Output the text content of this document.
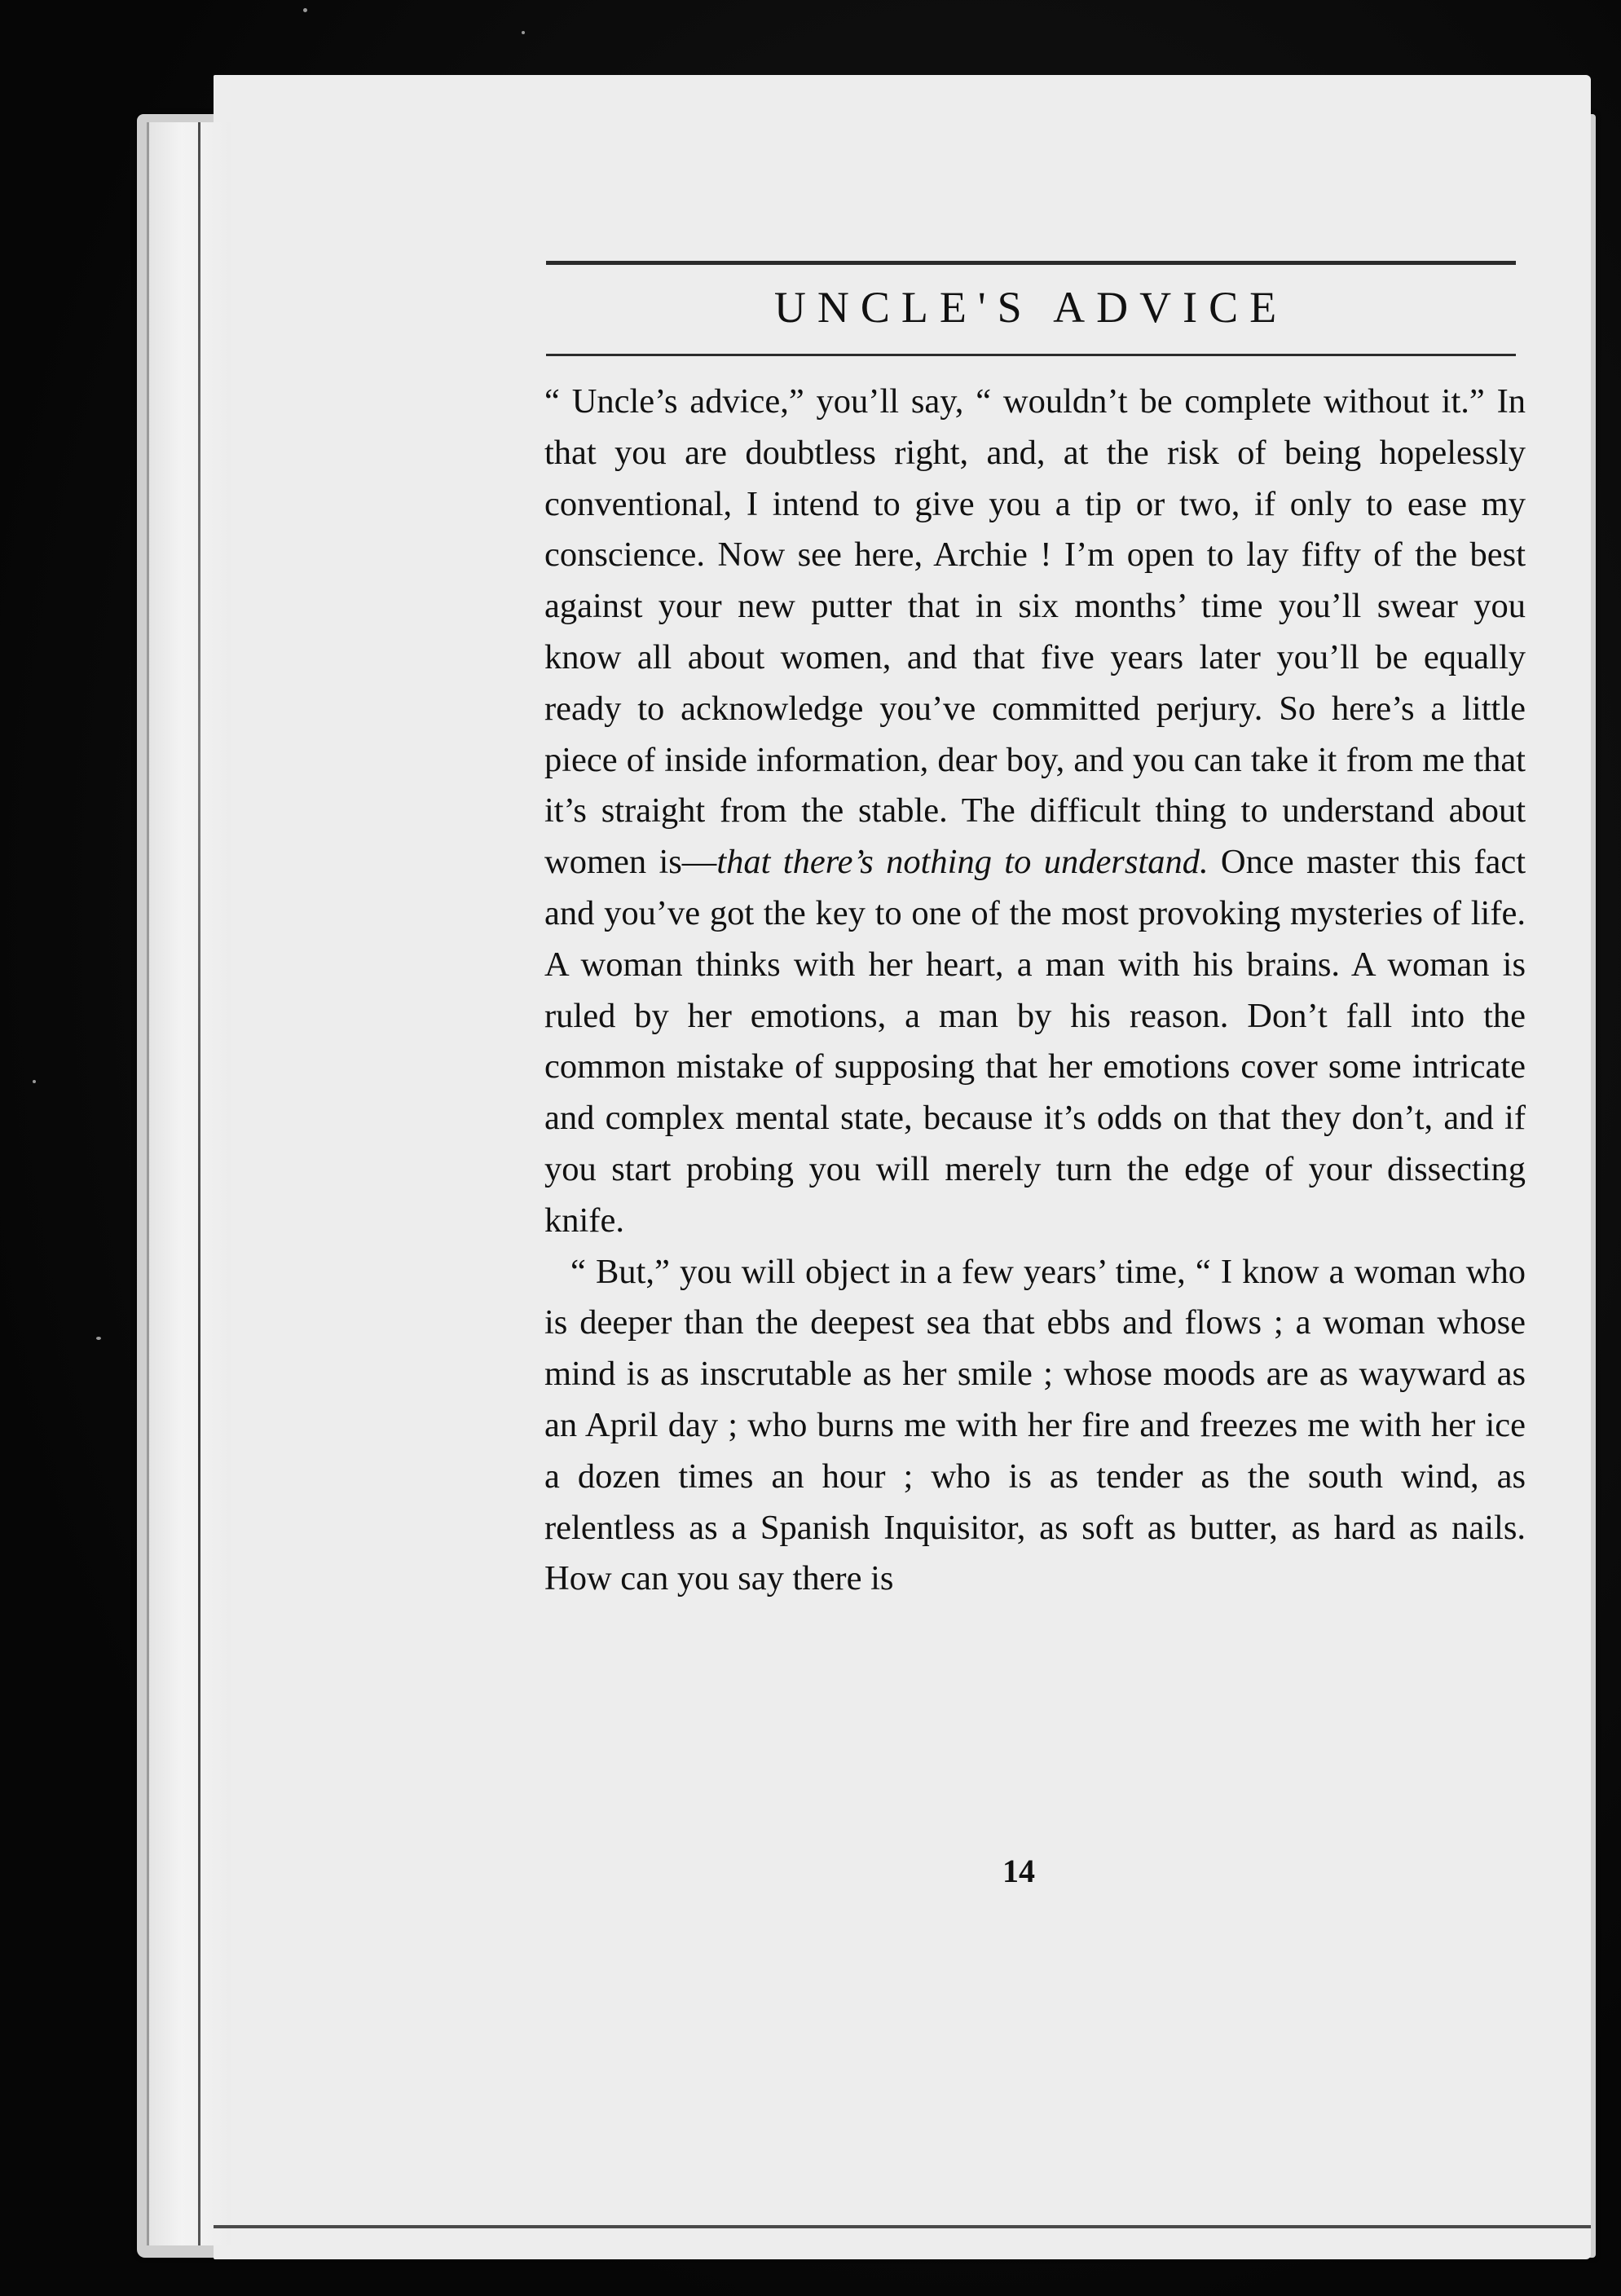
UNCLE'S ADVICE

“ Uncle’s advice,” you’ll say, “ wouldn’t be complete without it.” In that you are doubtless right, and, at the risk of being hopelessly conventional, I intend to give you a tip or two, if only to ease my conscience. Now see here, Archie ! I’m open to lay fifty of the best against your new putter that in six months’ time you’ll swear you know all about women, and that five years later you’ll be equally ready to acknowledge you’ve committed perjury. So here’s a little piece of inside information, dear boy, and you can take it from me that it’s straight from the stable. The difficult thing to understand about women is—that there’s nothing to understand. Once master this fact and you’ve got the key to one of the most provoking mysteries of life. A woman thinks with her heart, a man with his brains. A woman is ruled by her emotions, a man by his reason. Don’t fall into the common mistake of supposing that her emotions cover some intricate and complex mental state, because it’s odds on that they don’t, and if you start probing you will merely turn the edge of your dissecting knife.

“ But,” you will object in a few years’ time, “ I know a woman who is deeper than the deepest sea that ebbs and flows ; a woman whose mind is as inscrutable as her smile ; whose moods are as wayward as an April day ; who burns me with her fire and freezes me with her ice a dozen times an hour ; who is as tender as the south wind, as relentless as a Spanish Inquisitor, as soft as butter, as hard as nails. How can you say there is

14
